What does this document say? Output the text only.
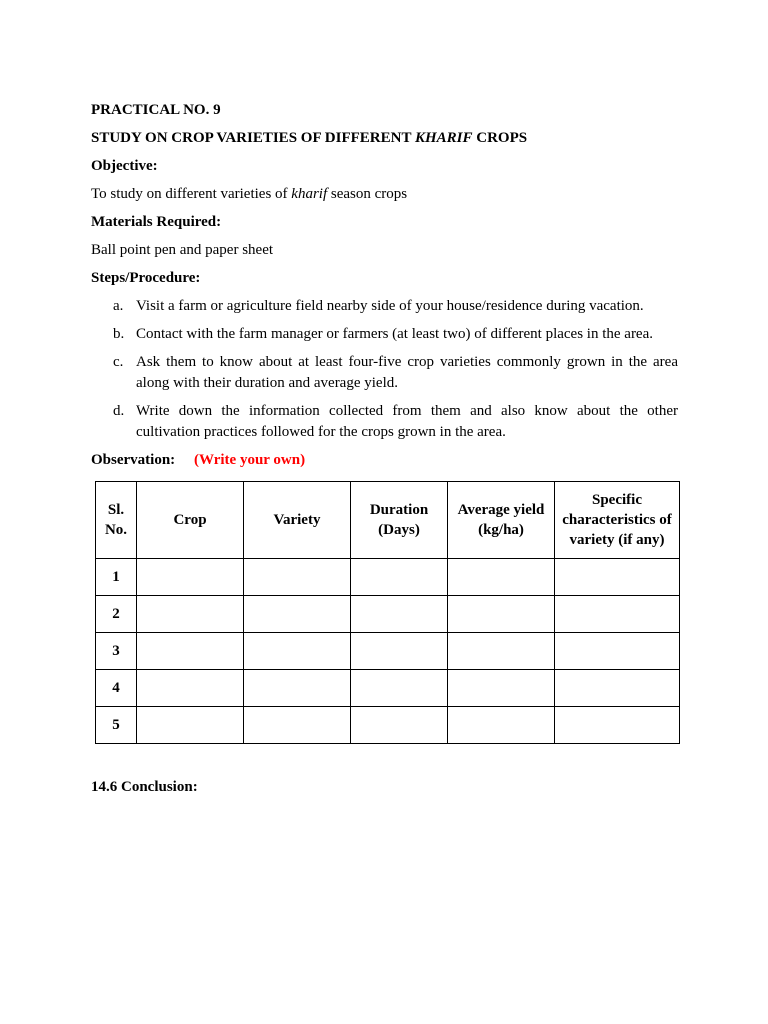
PRACTICAL NO. 9

STUDY ON CROP VARIETIES OF DIFFERENT KHARIF CROPS

Objective:

To study on different varieties of kharif season crops

Materials Required:

Ball point pen and paper sheet

Steps/Procedure:

a. Visit a farm or agriculture field nearby side of your house/residence during vacation.
b. Contact with the farm manager or farmers (at least two) of different places in the area.
c. Ask them to know about at least four-five crop varieties commonly grown in the area along with their duration and average yield.
d. Write down the information collected from them and also know about the other cultivation practices followed for the crops grown in the area.

Observation: (Write your own)

Sl. No.	Crop	Variety	Duration (Days)	Average yield (kg/ha)	Specific characteristics of variety (if any)
1					
2					
3					
4					
5					

14.6 Conclusion:
